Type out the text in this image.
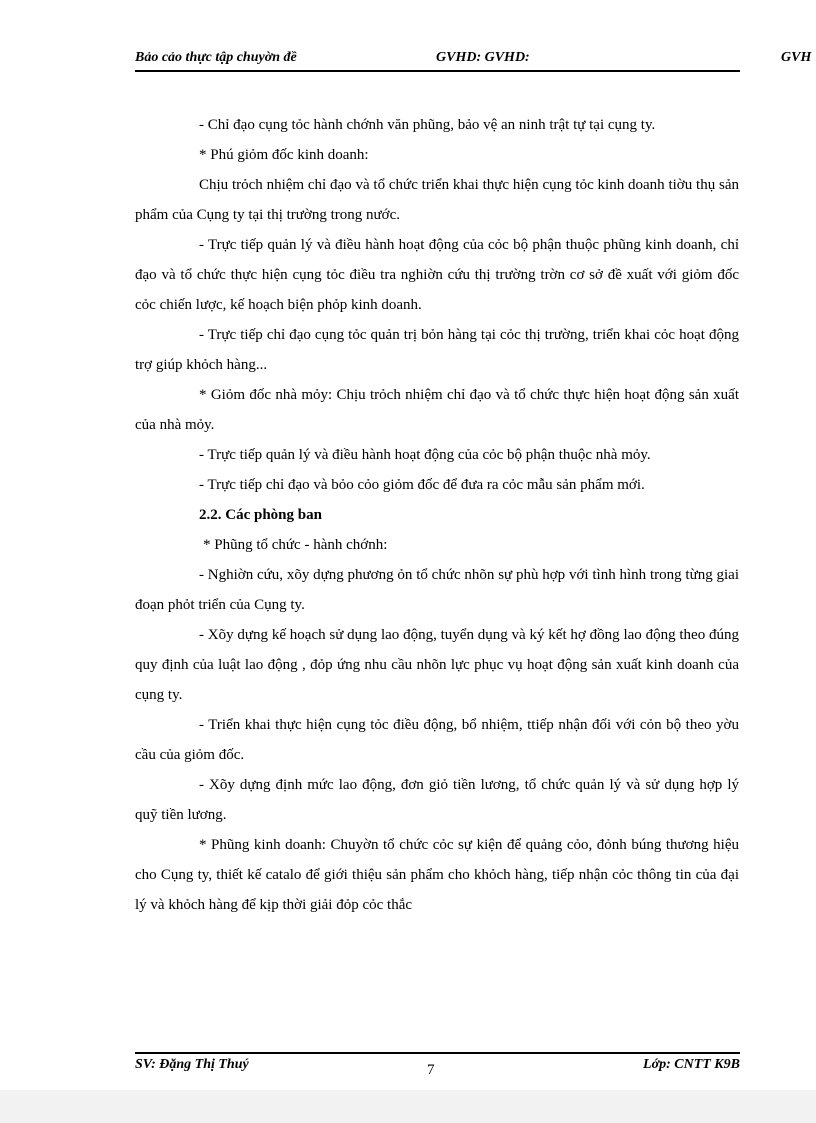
Bảo cảo thực tập chuyờn đề	GVHD: GVHD:	GVH

- Chỉ đạo cụng tỏc hành chớnh văn phũng, bảo vệ an ninh trật tự tại cụng ty.

* Phú giỏm đốc kinh doanh:

Chịu trỏch nhiệm chỉ đạo và tổ chức triển khai thực hiện cụng tỏc kinh doanh tiờu thụ sản phẩm của Cụng ty tại thị trường trong nước.

- Trực tiếp quản lý và điều hành hoạt động của cỏc bộ phận thuộc phũng kinh doanh, chỉ đạo và tổ chức thực hiện cụng tỏc điều tra nghiờn cứu thị trường trờn cơ sở đề xuất với giỏm đốc cỏc chiến lược, kế hoạch biện phỏp kinh doanh.

- Trực tiếp chỉ đạo cụng tỏc quản trị bỏn hàng tại cỏc thị trường, triển khai cỏc hoạt động trợ giúp khỏch hàng...

* Giỏm đốc nhà mỏy: Chịu trỏch nhiệm chỉ đạo và tổ chức thực hiện hoạt động sản xuất của nhà mỏy.

- Trực tiếp quản lý và điều hành hoạt động của cỏc bộ phận thuộc nhà mỏy.

- Trực tiếp chỉ đạo và bỏo cỏo giỏm đốc để đưa ra cỏc mẫu sản phẩm mới.

2.2. Các phòng ban

* Phũng tổ chức - hành chớnh:

- Nghiờn cứu, xõy dựng phương ỏn tổ chức nhõn sự phù hợp với tình hình trong từng giai đoạn phỏt triển của Cụng ty.

- Xõy dựng kế hoạch sử dụng lao động, tuyển dụng và ký kết hợ đồng lao động theo đúng quy định của luật lao động , đỏp ứng nhu cầu nhõn lực phục vụ hoạt động sản xuất kinh doanh của cụng ty.

- Triển khai thực hiện cụng tỏc điều động, bổ nhiệm, ttiếp nhận đối với cỏn bộ theo yờu cầu của giỏm đốc.

- Xõy dựng định mức lao động, đơn giỏ tiền lương, tổ chức quản lý và sử dụng hợp lý quỹ tiền lương.

* Phũng kinh doanh: Chuyờn tổ chức cỏc sự kiện để quảng cỏo, đỏnh búng thương hiệu cho Cụng ty, thiết kế catalo để giới thiệu sản phẩm cho khỏch hàng, tiếp nhận cỏc thông tin của đại lý và khỏch hàng để kịp thời giải đỏp cỏc thắc

SV: Đặng Thị Thuý	7	Lớp: CNTT K9B
